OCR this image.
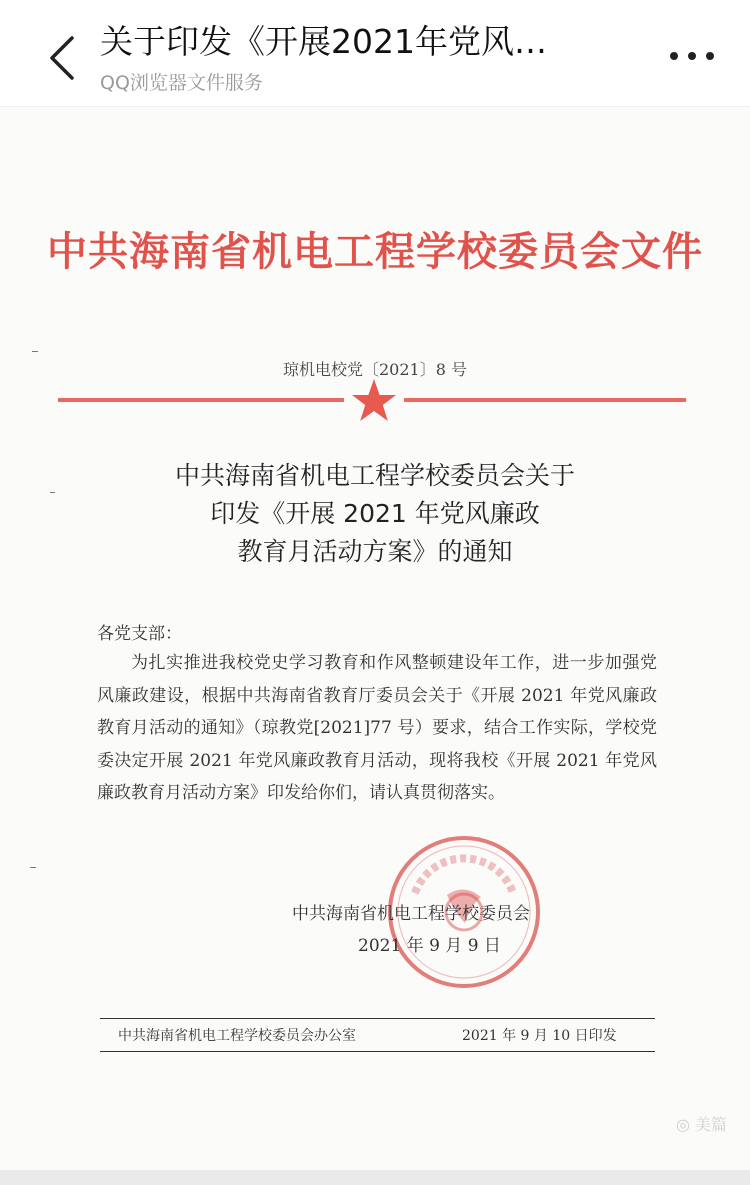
关于印发《开展2021年党风…
QQ浏览器文件服务
中共海南省机电工程学校委员会文件
琼机电校党〔2021〕8 号
中共海南省机电工程学校委员会关于
印发《开展 2021 年党风廉政
教育月活动方案》的通知
各党支部：
为扎实推进我校党史学习教育和作风整顿建设年工作，进一步加强党风廉政建设，根据中共海南省教育厅委员会关于《开展 2021 年党风廉政教育月活动的通知》（琼教党[2021]77 号）要求，结合工作实际，学校党委决定开展 2021 年党风廉政教育月活动，现将我校《开展 2021 年党风廉政教育月活动方案》印发给你们，请认真贯彻落实。
中共海南省机电工程学校委员会
2021 年 9 月 9 日
中共海南省机电工程学校委员会办公室	2021 年 9 月 10 日印发
◎ 美篇
